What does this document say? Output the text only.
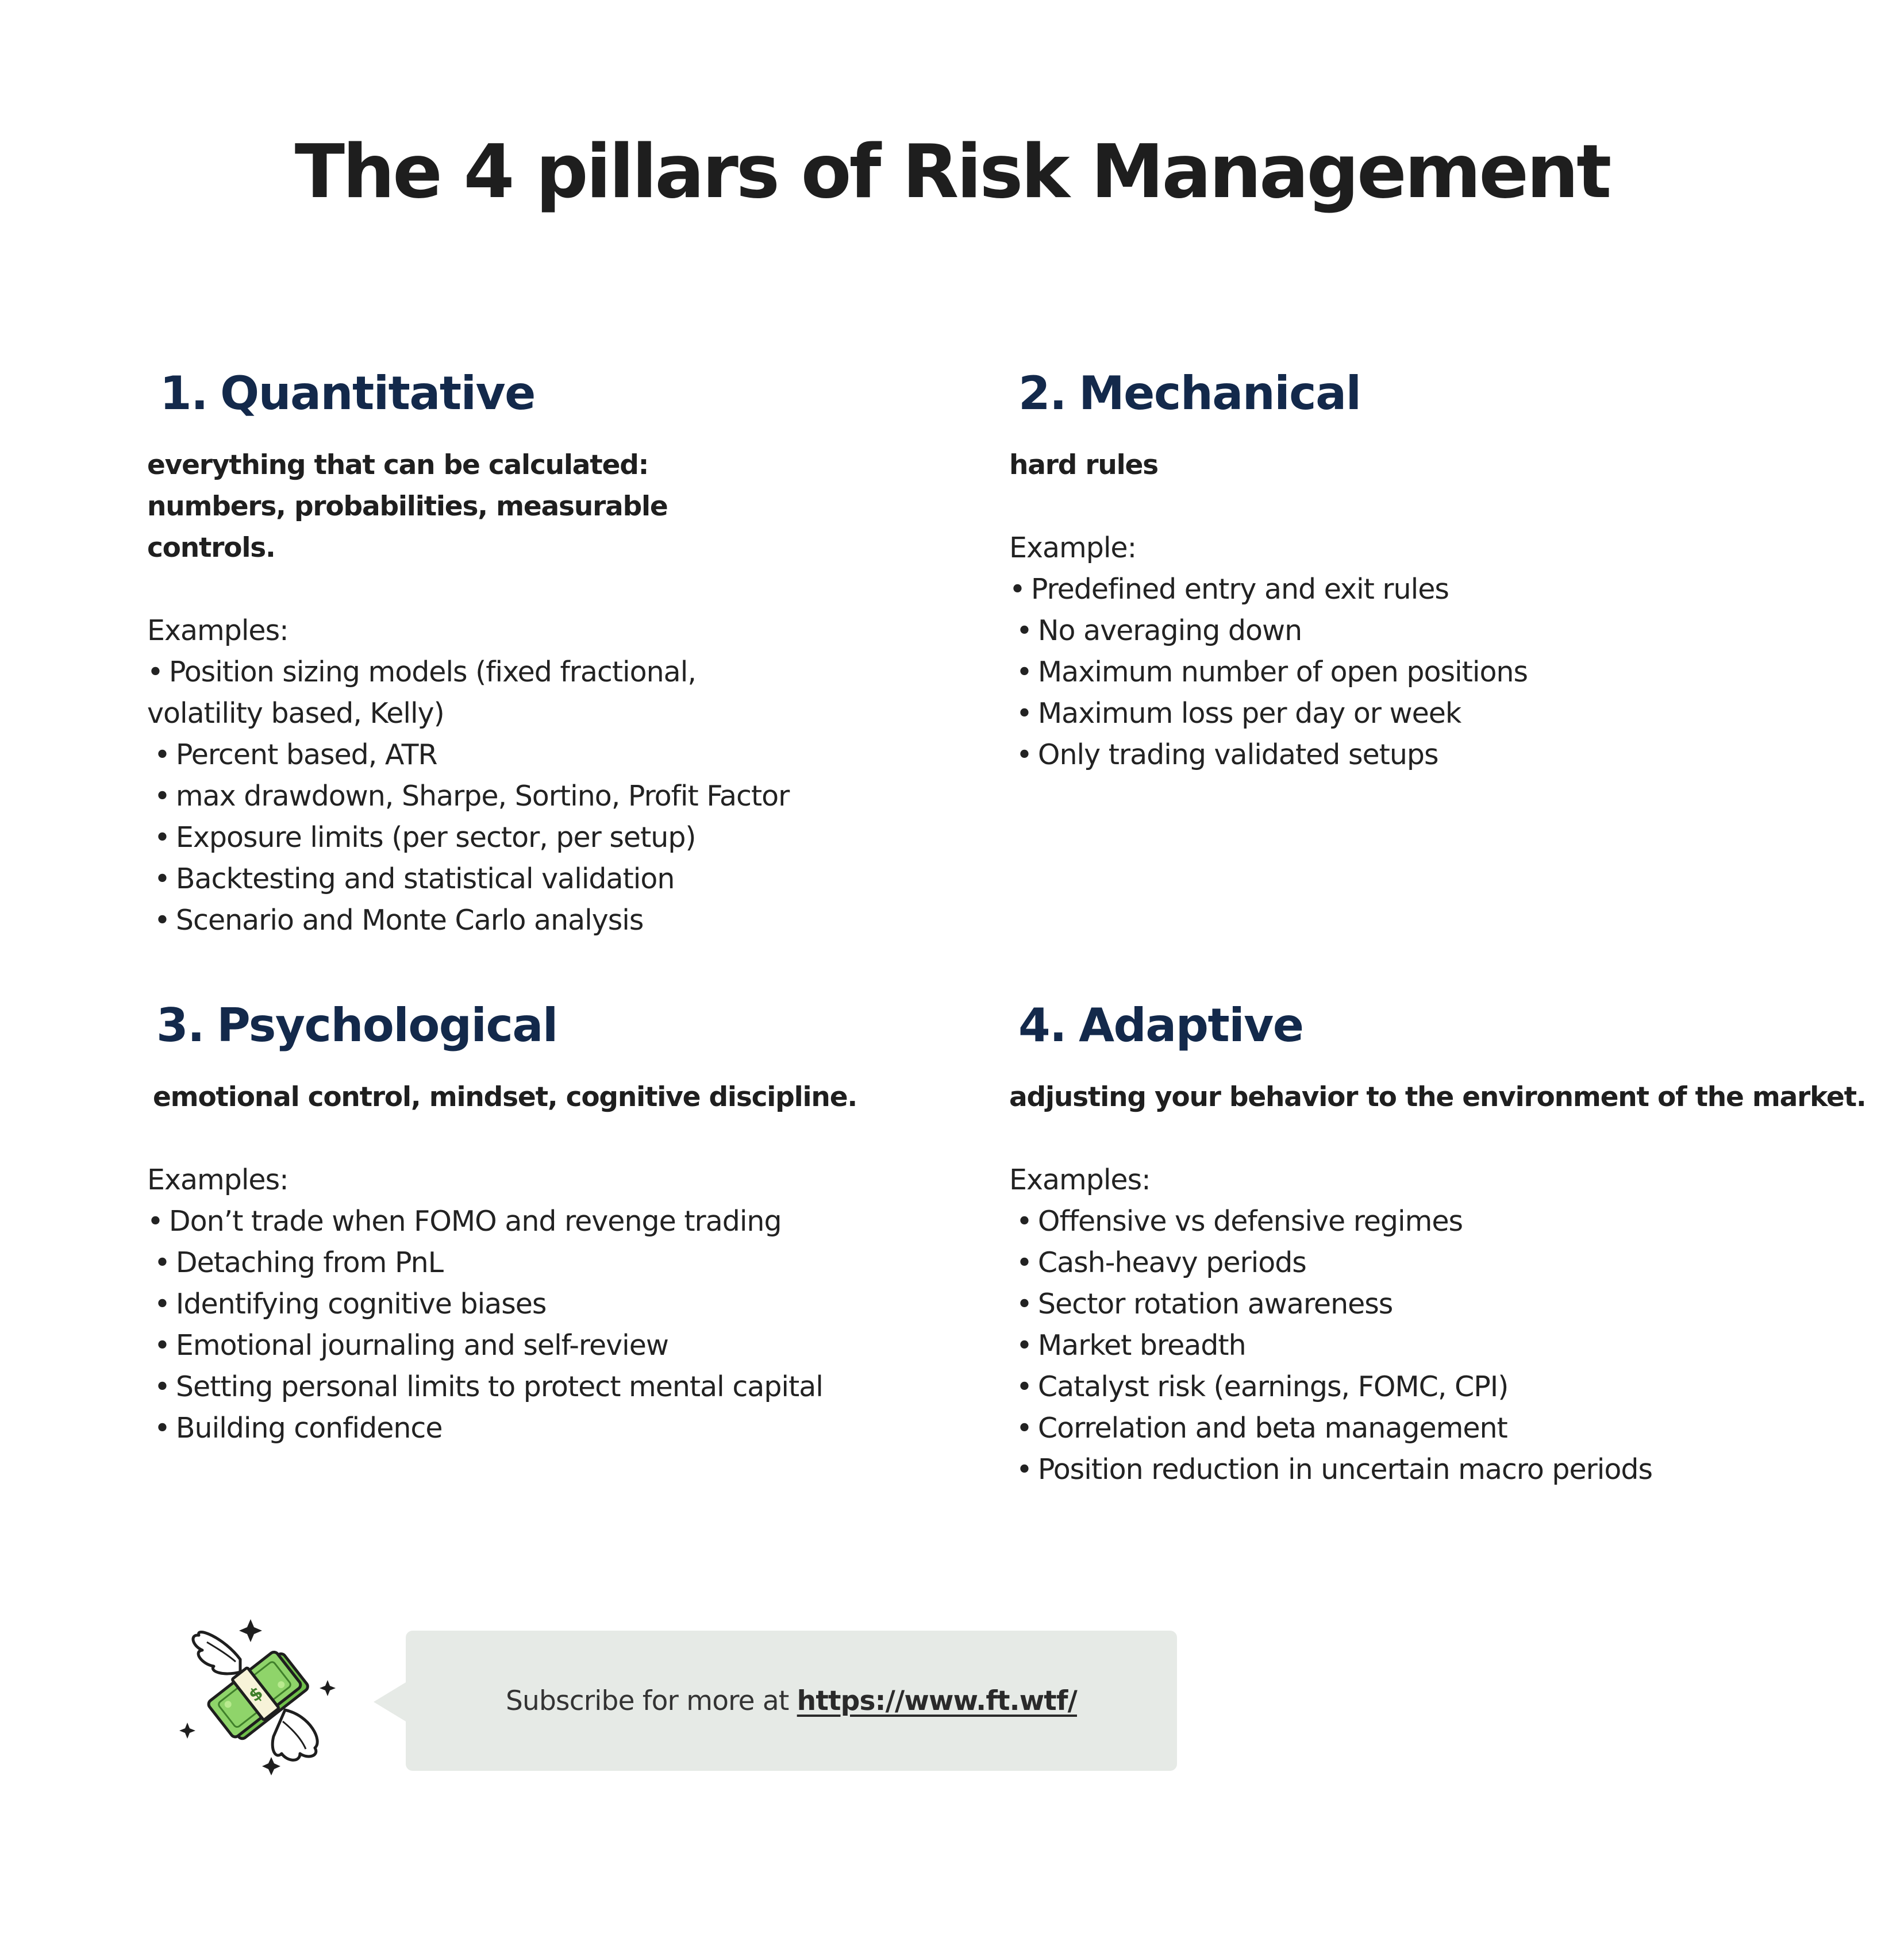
The 4 pillars of Risk Management
1. Quantitative

everything that can be calculated: numbers, probabilities, measurable controls.

Examples:

• Position sizing models (fixed fractional, volatility based, Kelly)
• Percent based, ATR
• max drawdown, Sharpe, Sortino, Profit Factor
• Exposure limits (per sector, per setup)
• Backtesting and statistical validation
• Scenario and Monte Carlo analysis
2. Mechanical

hard rules

Example:

• Predefined entry and exit rules
• No averaging down
• Maximum number of open positions
• Maximum loss per day or week
• Only trading validated setups
3. Psychological

emotional control, mindset, cognitive discipline.

Examples:

• Don’t trade when FOMO and revenge trading
• Detaching from PnL
• Identifying cognitive biases
• Emotional journaling and self-review
• Setting personal limits to protect mental capital
• Building confidence
4. Adaptive

adjusting your behavior to the environment of the market.

Examples:

• Offensive vs defensive regimes
• Cash-heavy periods
• Sector rotation awareness
• Market breadth
• Catalyst risk (earnings, FOMC, CPI)
• Correlation and beta management
• Position reduction in uncertain macro periods
$	Subscribe for more at https://www.ft.wtf/
